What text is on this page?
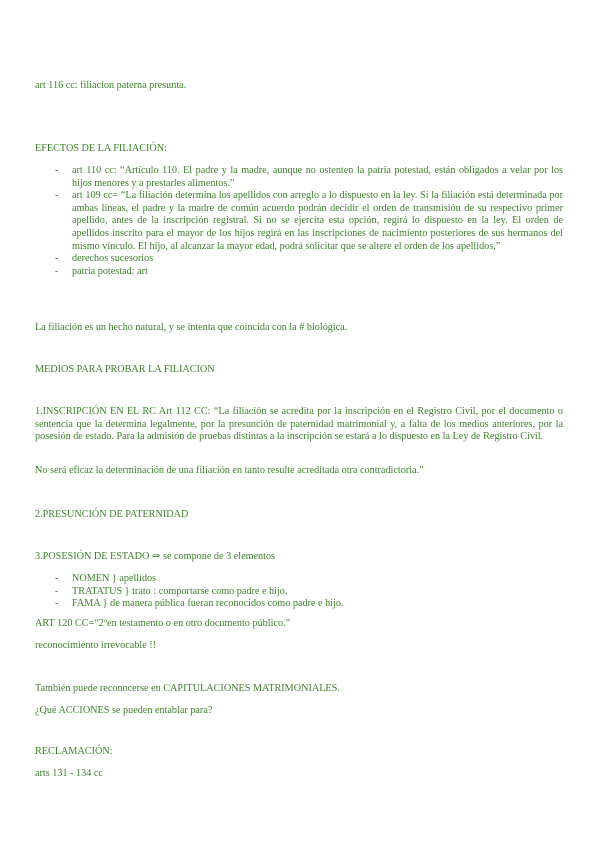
art 116 cc: filiacion paterna presunta.

EFECTOS DE LA FILIACIÓN:

- art 110 cc: “Artículo 110. El padre y la madre, aunque no ostenten la patria potestad, están obligados a velar por los hijos menores y a prestarles alimentos.”
- art 109 cc= “La filiación determina los apellidos con arreglo a lo dispuesto en la ley. Si la filiación está determinada por ambas líneas, el padre y la madre de común acuerdo podrán decidir el orden de transmisión de su respectivo primer apellido, antes de la inscripción registral. Si no se ejercita esta opción, regirá lo dispuesto en la ley. El orden de apellidos inscrito para el mayor de los hijos regirá en las inscripciones de nacimiento posteriores de sus hermanos del mismo vínculo. El hijo, al alcanzar la mayor edad, podrá solicitar que se altere el orden de los apellidos.”
- derechos sucesorios
- patria potestad: art

La filiación es un hecho natural, y se intenta que coincida con la # biológica.

MEDIOS PARA PROBAR LA FILIACION

1.INSCRIPCIÓN EN EL RC Art 112 CC: “La filiación se acredita por la inscripción en el Registro Civil, por el documento o sentencia que la determina legalmente, por la presunción de paternidad matrimonial y, a falta de los medios anteriores, por la posesión de estado. Para la admisión de pruebas distintas a la inscripción se estará a lo dispuesto en la Ley de Registro Civil.

No será eficaz la determinación de una filiación en tanto resulte acreditada otra contradictoria.”

2.PRESUNCIÓN DE PATERNIDAD

3.POSESIÓN DE ESTADO ⇒ se compone de 3 elementos

- NOMEN } apellidos
- TRATATUS } trato : comportarse como padre e hijo.
- FAMA } de manera pública fueran reconocidos como padre e hijo.

ART 120 CC=“2ºen testamento o en otro documento público.”

reconocimiento irrevocable !!

También puede reconocerse en CAPITULACIONES MATRIMONIALES.

¿Qué ACCIONES se pueden entablar para?

RECLAMACIÓN:

arts 131 - 134 cc
